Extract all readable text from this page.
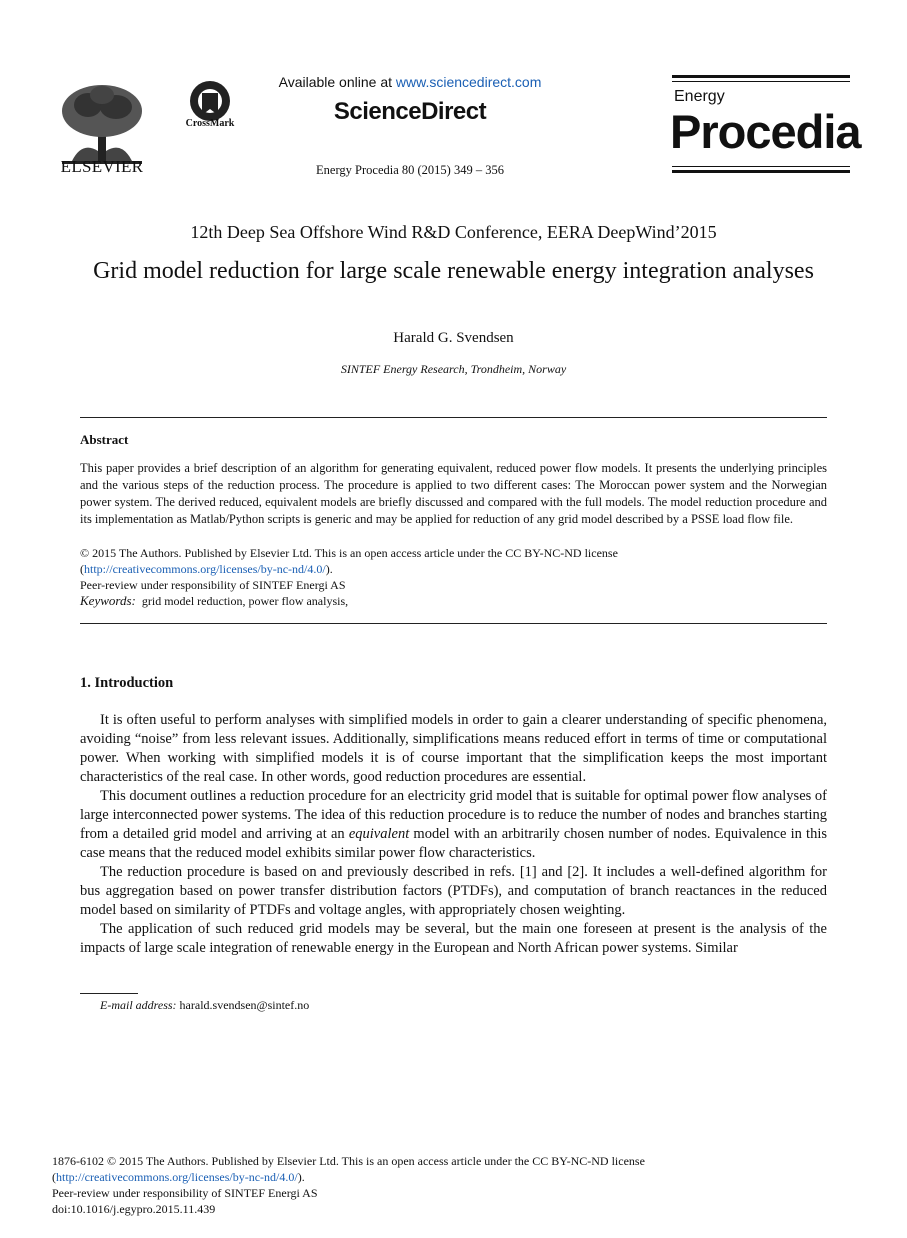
ELSEVIER
CrossMark
Available online at www.sciencedirect.com
ScienceDirect
Energy Procedia 80 (2015) 349 – 356
Energy
Procedia
12th Deep Sea Offshore Wind R&D Conference, EERA DeepWind’2015
Grid model reduction for large scale renewable energy integration analyses
Harald G. Svendsen
SINTEF Energy Research, Trondheim, Norway
Abstract
This paper provides a brief description of an algorithm for generating equivalent, reduced power flow models. It presents the underlying principles and the various steps of the reduction process. The procedure is applied to two different cases: The Moroccan power system and the Norwegian power system. The derived reduced, equivalent models are briefly discussed and compared with the full models. The model reduction procedure and its implementation as Matlab/Python scripts is generic and may be applied for reduction of any grid model described by a PSSE load flow file.
© 2015 The Authors. Published by Elsevier Ltd. This is an open access article under the CC BY-NC-ND license
(http://creativecommons.org/licenses/by-nc-nd/4.0/).
Peer-review under responsibility of SINTEF Energi AS
Keywords: grid model reduction, power flow analysis,
1. Introduction

It is often useful to perform analyses with simplified models in order to gain a clearer understanding of specific phenomena, avoiding “noise” from less relevant issues. Additionally, simplifications means reduced effort in terms of time or computational power. When working with simplified models it is of course important that the simplification keeps the most important characteristics of the real case. In other words, good reduction procedures are essential.

This document outlines a reduction procedure for an electricity grid model that is suitable for optimal power flow analyses of large interconnected power systems. The idea of this reduction procedure is to reduce the number of nodes and branches starting from a detailed grid model and arriving at an equivalent model with an arbitrarily chosen number of nodes. Equivalence in this case means that the reduced model exhibits similar power flow characteristics.

The reduction procedure is based on and previously described in refs. [1] and [2]. It includes a well-defined algorithm for bus aggregation based on power transfer distribution factors (PTDFs), and computation of branch reactances in the reduced model based on similarity of PTDFs and voltage angles, with appropriately chosen weighting.

The application of such reduced grid models may be several, but the main one foreseen at present is the analysis of the impacts of large scale integration of renewable energy in the European and North African power systems. Similar

E-mail address: harald.svendsen@sintef.no
1876-6102 © 2015 The Authors. Published by Elsevier Ltd. This is an open access article under the CC BY-NC-ND license
(http://creativecommons.org/licenses/by-nc-nd/4.0/).
Peer-review under responsibility of SINTEF Energi AS
doi:10.1016/j.egypro.2015.11.439
